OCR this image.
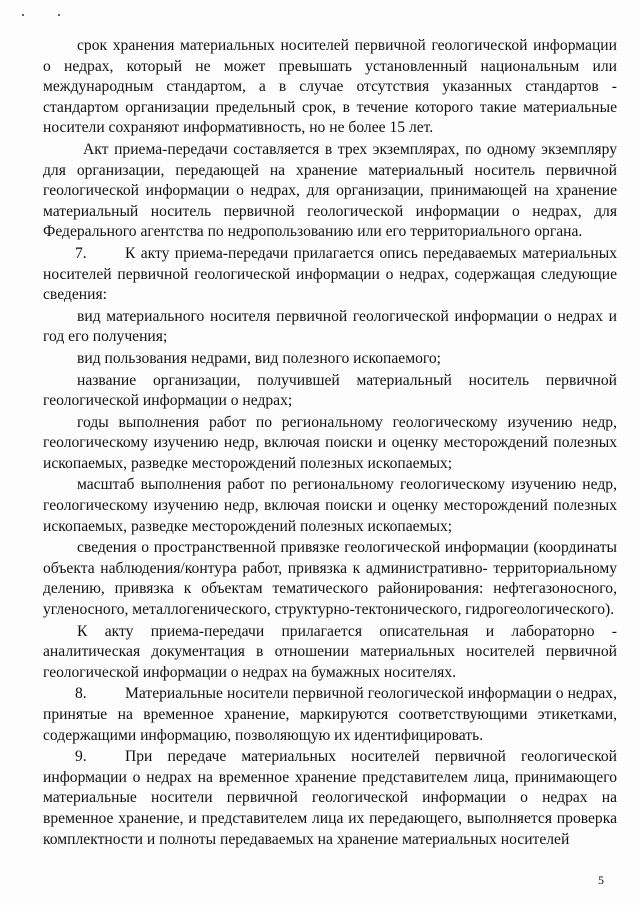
срок хранения материальных носителей первичной геологической информации о недрах, который не может превышать установленный национальным или международным стандартом, а в случае отсутствия указанных стандартов - стандартом организации предельный срок, в течение которого такие материальные носители сохраняют информативность, но не более 15 лет.

Акт приема-передачи составляется в трех экземплярах, по одному экземпляру для организации, передающей на хранение материальный носитель первичной геологической информации о недрах, для организации, принимающей на хранение материальный носитель первичной геологической информации о недрах, для Федерального агентства по недропользованию или его территориального органа.

7. К акту приема-передачи прилагается опись передаваемых материальных носителей первичной геологической информации о недрах, содержащая следующие сведения:

вид материального носителя первичной геологической информации о недрах и год его получения;

вид пользования недрами, вид полезного ископаемого;

название организации, получившей материальный носитель первичной геологической информации о недрах;

годы выполнения работ по региональному геологическому изучению недр, геологическому изучению недр, включая поиски и оценку месторождений полезных ископаемых, разведке месторождений полезных ископаемых;

масштаб выполнения работ по региональному геологическому изучению недр, геологическому изучению недр, включая поиски и оценку месторождений полезных ископаемых, разведке месторождений полезных ископаемых;

сведения о пространственной привязке геологической информации (координаты объекта наблюдения/контура работ, привязка к административно- территориальному делению, привязка к объектам тематического районирования: нефтегазоносного, угленосного, металлогенического, структурно-тектонического, гидрогеологического).

К акту приема-передачи прилагается описательная и лабораторно - аналитическая документация в отношении материальных носителей первичной геологической информации о недрах на бумажных носителях.

8. Материальные носители первичной геологической информации о недрах, принятые на временное хранение, маркируются соответствующими этикетками, содержащими информацию, позволяющую их идентифицировать.

9. При передаче материальных носителей первичной геологической информации о недрах на временное хранение представителем лица, принимающего материальные носители первичной геологической информации о недрах на временное хранение, и представителем лица их передающего, выполняется проверка комплектности и полноты передаваемых на хранение материальных носителей

5
